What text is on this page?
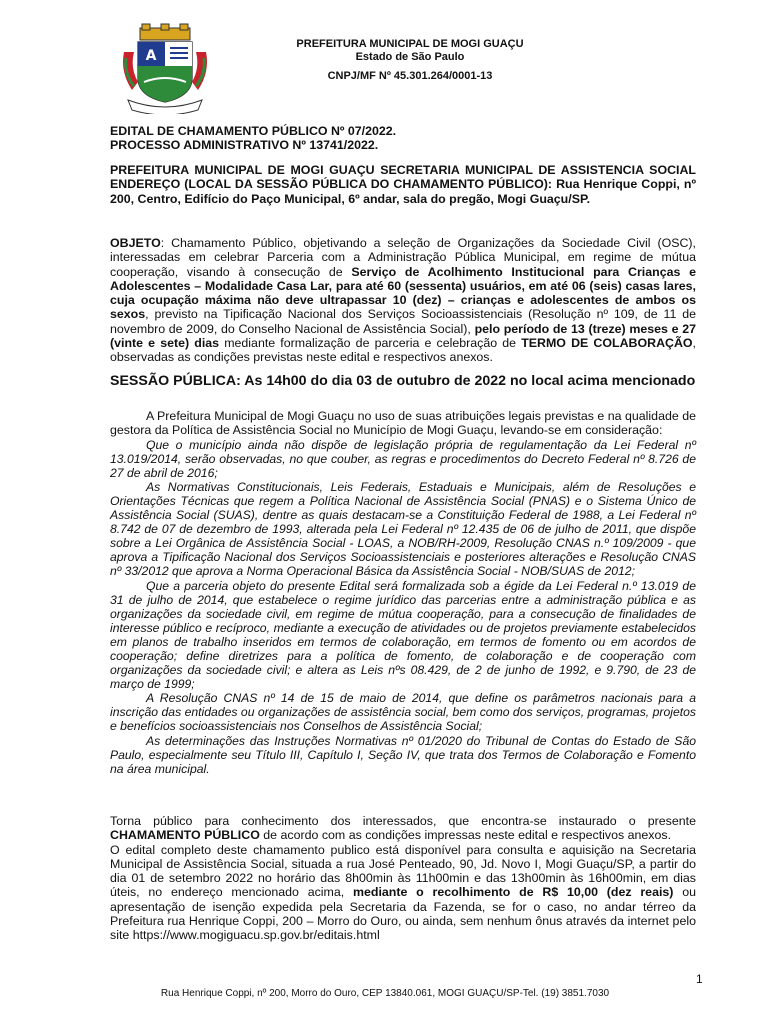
A
PREFEITURA MUNICIPAL DE MOGI GUAÇU
Estado de São Paulo
CNPJ/MF Nº 45.301.264/0001-13
EDITAL DE CHAMAMENTO PÚBLICO Nº 07/2022.
PROCESSO ADMINISTRATIVO Nº 13741/2022.

PREFEITURA MUNICIPAL DE MOGI GUAÇU SECRETARIA MUNICIPAL DE ASSISTENCIA SOCIAL ENDEREÇO (LOCAL DA SESSÃO PÚBLICA DO CHAMAMENTO PÚBLICO): Rua Henrique Coppi, nº 200, Centro, Edifício do Paço Municipal, 6º andar, sala do pregão, Mogi Guaçu/SP.

OBJETO: Chamamento Público, objetivando a seleção de Organizações da Sociedade Civil (OSC), interessadas em celebrar Parceria com a Administração Pública Municipal, em regime de mútua cooperação, visando à consecução de Serviço de Acolhimento Institucional para Crianças e Adolescentes – Modalidade Casa Lar, para até 60 (sessenta) usuários, em até 06 (seis) casas lares, cuja ocupação máxima não deve ultrapassar 10 (dez) – crianças e adolescentes de ambos os sexos, previsto na Tipificação Nacional dos Serviços Socioassistenciais (Resolução nº 109, de 11 de novembro de 2009, do Conselho Nacional de Assistência Social), pelo período de 13 (treze) meses e 27 (vinte e sete) dias mediante formalização de parceria e celebração de TERMO DE COLABORAÇÃO, observadas as condições previstas neste edital e respectivos anexos.

SESSÃO PÚBLICA: As 14h00 do dia 03 de outubro de 2022 no local acima mencionado

A Prefeitura Municipal de Mogi Guaçu no uso de suas atribuições legais previstas e na qualidade de gestora da Política de Assistência Social no Município de Mogi Guaçu, levando-se em consideração:

Que o município ainda não dispõe de legislação própria de regulamentação da Lei Federal nº 13.019/2014, serão observadas, no que couber, as regras e procedimentos do Decreto Federal nº 8.726 de 27 de abril de 2016;

As Normativas Constitucionais, Leis Federais, Estaduais e Municipais, além de Resoluções e Orientações Técnicas que regem a Política Nacional de Assistência Social (PNAS) e o Sistema Único de Assistência Social (SUAS), dentre as quais destacam-se a Constituição Federal de 1988, a Lei Federal nº 8.742 de 07 de dezembro de 1993, alterada pela Lei Federal nº 12.435 de 06 de julho de 2011, que dispõe sobre a Lei Orgânica de Assistência Social - LOAS, a NOB/RH-2009, Resolução CNAS n.º 109/2009 - que aprova a Tipificação Nacional dos Serviços Socioassistenciais e posteriores alterações e Resolução CNAS nº 33/2012 que aprova a Norma Operacional Básica da Assistência Social - NOB/SUAS de 2012;

Que a parceria objeto do presente Edital será formalizada sob a égide da Lei Federal n.º 13.019 de 31 de julho de 2014, que estabelece o regime jurídico das parcerias entre a administração pública e as organizações da sociedade civil, em regime de mútua cooperação, para a consecução de finalidades de interesse público e recíproco, mediante a execução de atividades ou de projetos previamente estabelecidos em planos de trabalho inseridos em termos de colaboração, em termos de fomento ou em acordos de cooperação; define diretrizes para a política de fomento, de colaboração e de cooperação com organizações da sociedade civil; e altera as Leis nºs 08.429, de 2 de junho de 1992, e 9.790, de 23 de março de 1999;

A Resolução CNAS nº 14 de 15 de maio de 2014, que define os parâmetros nacionais para a inscrição das entidades ou organizações de assistência social, bem como dos serviços, programas, projetos e benefícios socioassistenciais nos Conselhos de Assistência Social;

As determinações das Instruções Normativas nº 01/2020 do Tribunal de Contas do Estado de São Paulo, especialmente seu Título III, Capítulo I, Seção IV, que trata dos Termos de Colaboração e Fomento na área municipal.

Torna público para conhecimento dos interessados, que encontra-se instaurado o presente CHAMAMENTO PÚBLICO de acordo com as condições impressas neste edital e respectivos anexos.

O edital completo deste chamamento publico está disponível para consulta e aquisição na Secretaria Municipal de Assistência Social, situada a rua José Penteado, 90, Jd. Novo I, Mogi Guaçu/SP, a partir do dia 01 de setembro 2022 no horário das 8h00min às 11h00min e das 13h00min às 16h00min, em dias úteis, no endereço mencionado acima, mediante o recolhimento de R$ 10,00 (dez reais) ou apresentação de isenção expedida pela Secretaria da Fazenda, se for o caso, no andar térreo da Prefeitura rua Henrique Coppi, 200 – Morro do Ouro, ou ainda, sem nenhum ônus através da internet pelo site https://www.mogiguacu.sp.gov.br/editais.html

1
Rua Henrique Coppi, nº 200, Morro do Ouro, CEP 13840.061, MOGI GUAÇU/SP-Tel. (19) 3851.7030
